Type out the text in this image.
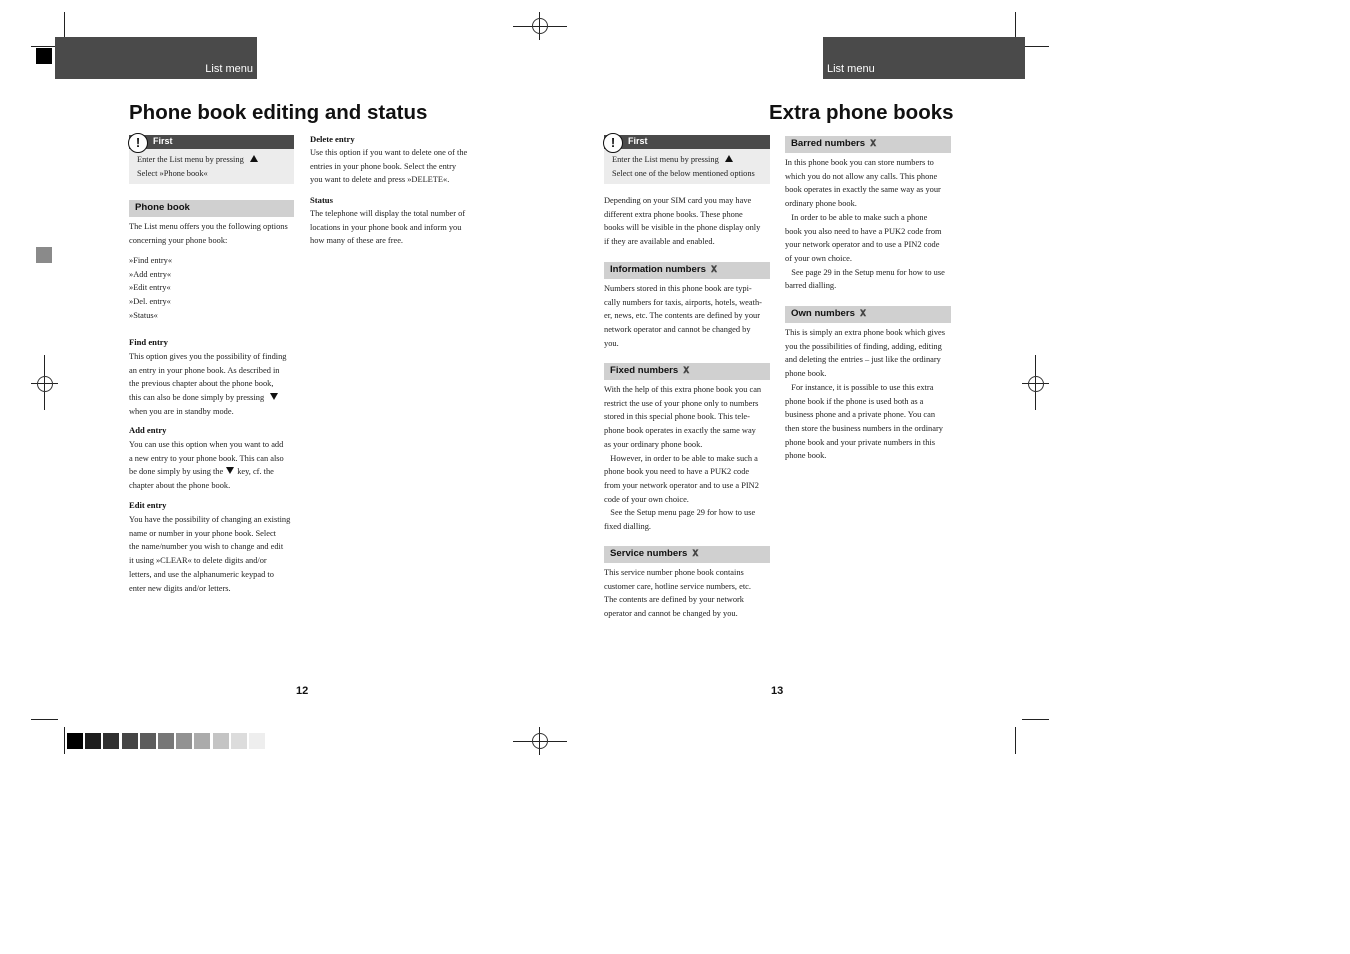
List menu
Phone book editing and status
First
!
Enter the List menu by pressing
Select »Phone book«
Phone book
The List menu offers you the following options
concerning your phone book:
»Find entry«
»Add entry«
»Edit entry«
»Del. entry«
»Status«
Find entry
This option gives you the possibility of finding
an entry in your phone book. As described in
the previous chapter about the phone book,
this can also be done simply by pressing
when you are in standby mode.
Add entry
You can use this option when you want to add
a new entry to your phone book. This can also
be done simply by using the key, cf. the
chapter about the phone book.
Edit entry
You have the possibility of changing an existing
name or number in your phone book. Select
the name/number you wish to change and edit
it using »CLEAR« to delete digits and/or
letters, and use the alphanumeric keypad to
enter new digits and/or letters.
Delete entry
Use this option if you want to delete one of the
entries in your phone book. Select the entry
you want to delete and press »DELETE«.
Status
The telephone will display the total number of
locations in your phone book and inform you
how many of these are free.
12
List menu
Extra phone books
First
!
Enter the List menu by pressing
Select one of the below mentioned options
Depending on your SIM card you may have
different extra phone books. These phone
books will be visible in the phone display only
if they are available and enabled.
Information numbers 𝚾
Numbers stored in this phone book are typi-
cally numbers for taxis, airports, hotels, weath-
er, news, etc. The contents are defined by your
network operator and cannot be changed by
you.
Fixed numbers 𝚾
With the help of this extra phone book you can
restrict the use of your phone only to numbers
stored in this special phone book. This tele-
phone book operates in exactly the same way
as your ordinary phone book.
However, in order to be able to make such a
phone book you need to have a PUK2 code
from your network operator and to use a PIN2
code of your own choice.
See the Setup menu page 29 for how to use
fixed dialling.
Service numbers 𝚾
This service number phone book contains
customer care, hotline service numbers, etc.
The contents are defined by your network
operator and cannot be changed by you.
Barred numbers 𝚾
In this phone book you can store numbers to
which you do not allow any calls. This phone
book operates in exactly the same way as your
ordinary phone book.
In order to be able to make such a phone
book you also need to have a PUK2 code from
your network operator and to use a PIN2 code
of your own choice.
See page 29 in the Setup menu for how to use
barred dialling.
Own numbers 𝚾
This is simply an extra phone book which gives
you the possibilities of finding, adding, editing
and deleting the entries – just like the ordinary
phone book.
For instance, it is possible to use this extra
phone book if the phone is used both as a
business phone and a private phone. You can
then store the business numbers in the ordinary
phone book and your private numbers in this
phone book.
13
